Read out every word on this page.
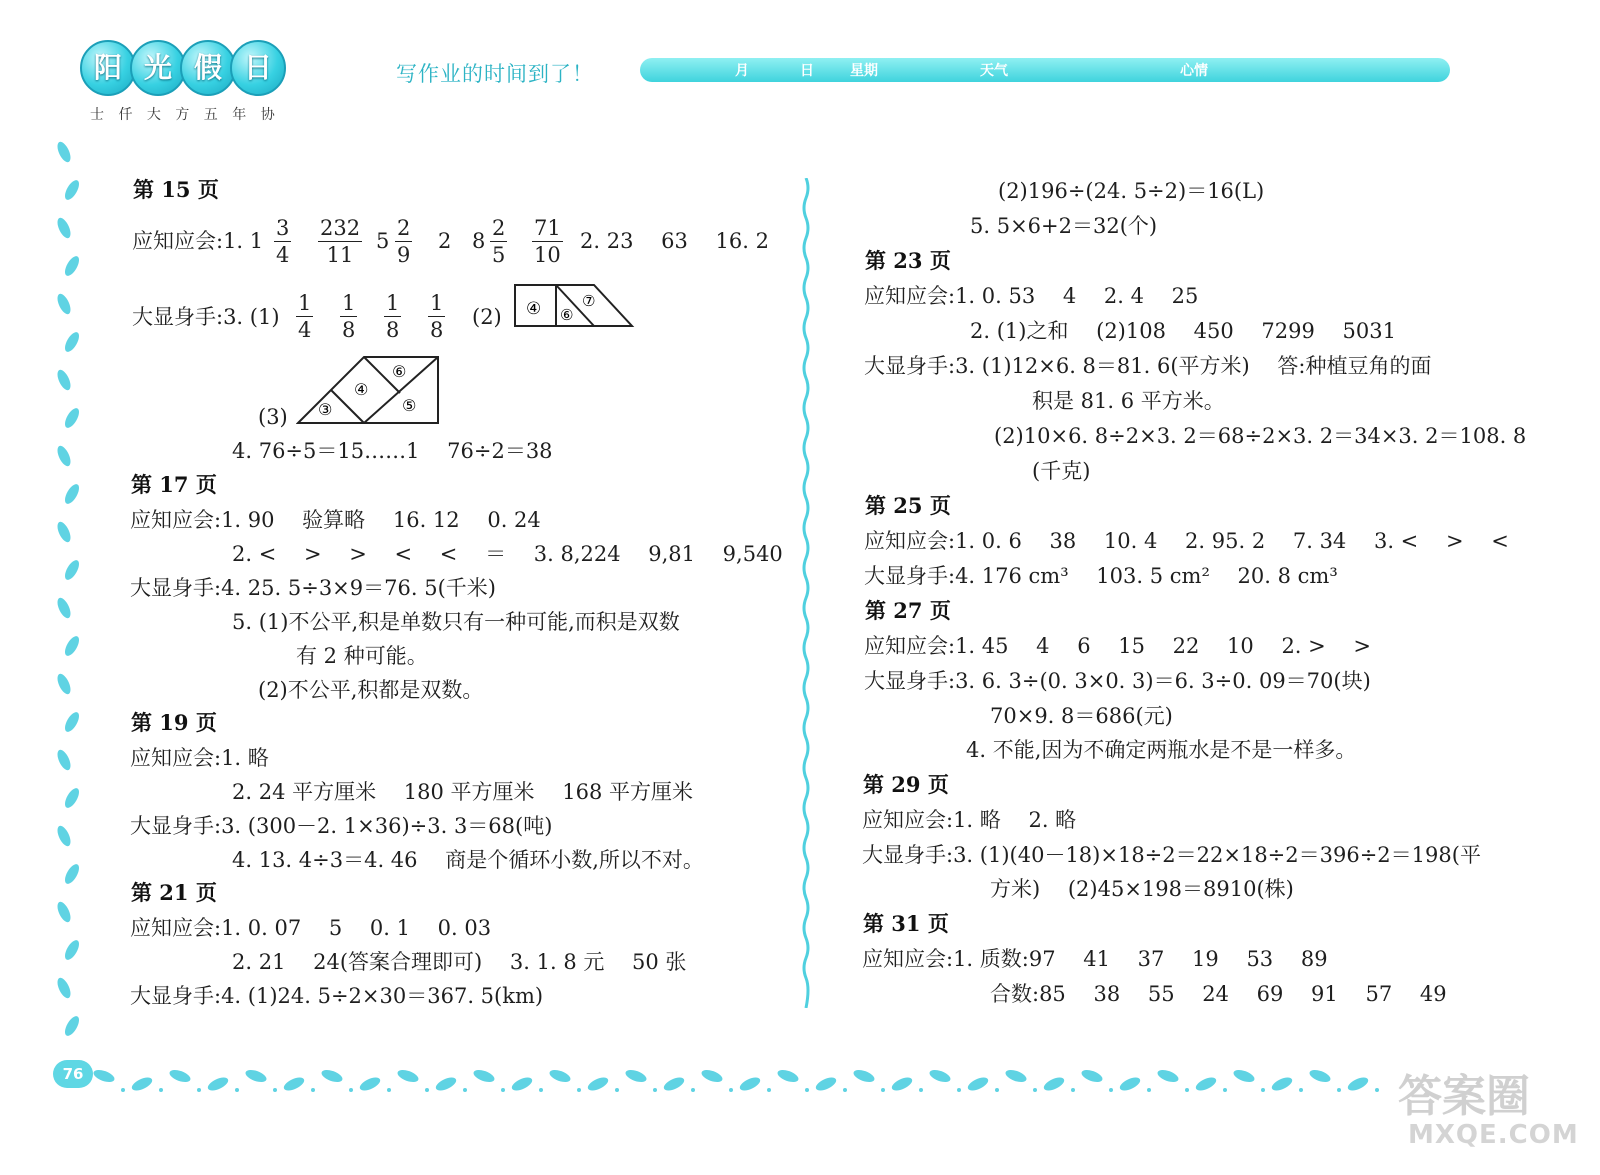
阳 光 假 日
士 仟 大 方 五 年 协
写作业的时间到了！	月	日	星期	天气	心情
第 15 页
应知应会:1. $1 \frac{3}{4} \frac{232}{11} 5 \frac{2}{9} 2$ $8 \frac{2}{5} \frac{71}{10} 2$. 23　 63　 16. 2
大显身手:3. $(1) \frac{1}{4} \frac{1}{8} \frac{1}{8} \frac{1}{8} (2)$ ④ ⑥
⑦
(3) ③
④
⑥
⑤
4. 76÷5＝15……1　 76÷2＝38
第 17 页
应知应会:1. 90　 验算略　 16. 12　 0. 24
2. <　 >　 >　 <　 <　 ＝　 3. 8,224　 9,81　 9,540
大显身手:4. 25. 5÷3×9＝76. 5(千米)
5. (1)不公平,积是单数只有一种可能,而积是双数
有 2 种可能。
(2)不公平,积都是双数。
第 19 页
应知应会:1. 略
2. 24 平方厘米　 180 平方厘米　 168 平方厘米
大显身手:3. (300－2. 1×36)÷3. 3＝68(吨)
4. 13. 4÷3＝4. 46　 商是个循环小数,所以不对。
第 21 页
应知应会:1. 0. 07　 5　 0. 1　 0. 03
2. 21　 24(答案合理即可)　 3. 1. 8 元　 50 张
大显身手:4. (1)24. 5÷2×30＝367. 5(km)
(2)196÷(24. 5÷2)＝16(L)
5. 5×6+2＝32(个)
第 23 页
应知应会:1. 0. 53　 4　 2. 4　 25
2. (1)之和　 (2)108　 450　 7299　 5031
大显身手:3. (1)12×6. 8＝81. 6(平方米)　 答:种植豆角的面
积是 81. 6 平方米。
(2)10×6. 8÷2×3. 2＝68÷2×3. 2＝34×3. 2＝108. 8
(千克)
第 25 页
应知应会:1. 0. 6　 38　 10. 4　 2. 95. 2　 7. 34　 3. <　 >　 <
大显身手:4. 176 cm³　 103. 5 cm²　 20. 8 cm³
第 27 页
应知应会:1. 45　 4　 6　 15　 22　 10　 2. >　 >
大显身手:3. 6. 3÷(0. 3×0. 3)＝6. 3÷0. 09＝70(块)
70×9. 8＝686(元)
4. 不能,因为不确定两瓶水是不是一样多。
第 29 页
应知应会:1. 略　 2. 略
大显身手:3. (1)(40－18)×18÷2＝22×18÷2＝396÷2＝198(平
方米)　 (2)45×198＝8910(株)
第 31 页
应知应会:1. 质数:97　 41　 37　 19　 53　 89
合数:85　 38　 55　 24　 69　 91　 57　 49
76	答案圈
MXQE.COM
